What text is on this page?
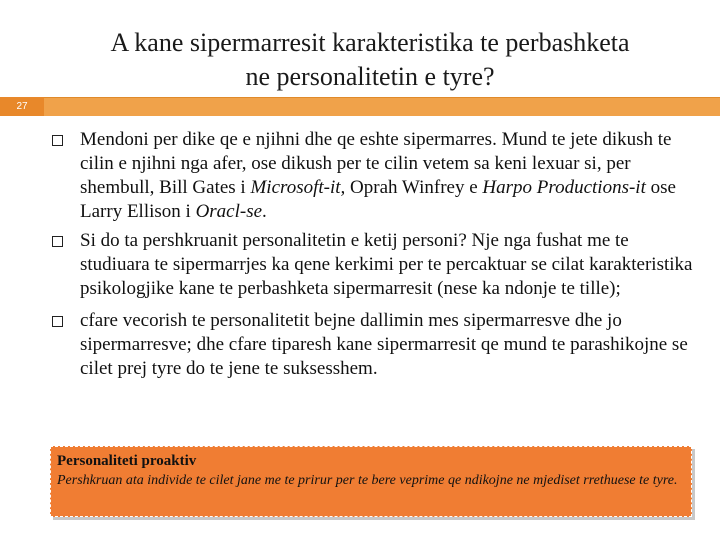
A kane sipermarresit karakteristika te perbashketa
ne personalitetin e tyre?
27
Mendoni per dike qe e njihni dhe qe eshte sipermarres. Mund te jete dikush te cilin e njihni nga afer, ose dikush per te cilin vetem sa keni lexuar si, per shembull, Bill Gates i Microsoft-it, Oprah Winfrey e Harpo Productions-it ose Larry Ellison i Oracl-se.
Si do ta pershkruanit personalitetin e ketij personi? Nje nga fushat me te studiuara te sipermarrjes ka qene kerkimi per te percaktuar se cilat karakteristika psikologjike kane te perbashketa sipermarresit (nese ka ndonje te tille);
cfare vecorish te personalitetit bejne dallimin mes sipermarresve dhe jo sipermarresve; dhe cfare tiparesh kane sipermarresit qe mund te parashikojne se cilet prej tyre do te jene te suksesshem.
Personaliteti proaktiv
Pershkruan ata individe te cilet jane me te prirur per te bere veprime qe ndikojne ne mjediset rrethuese te tyre.
